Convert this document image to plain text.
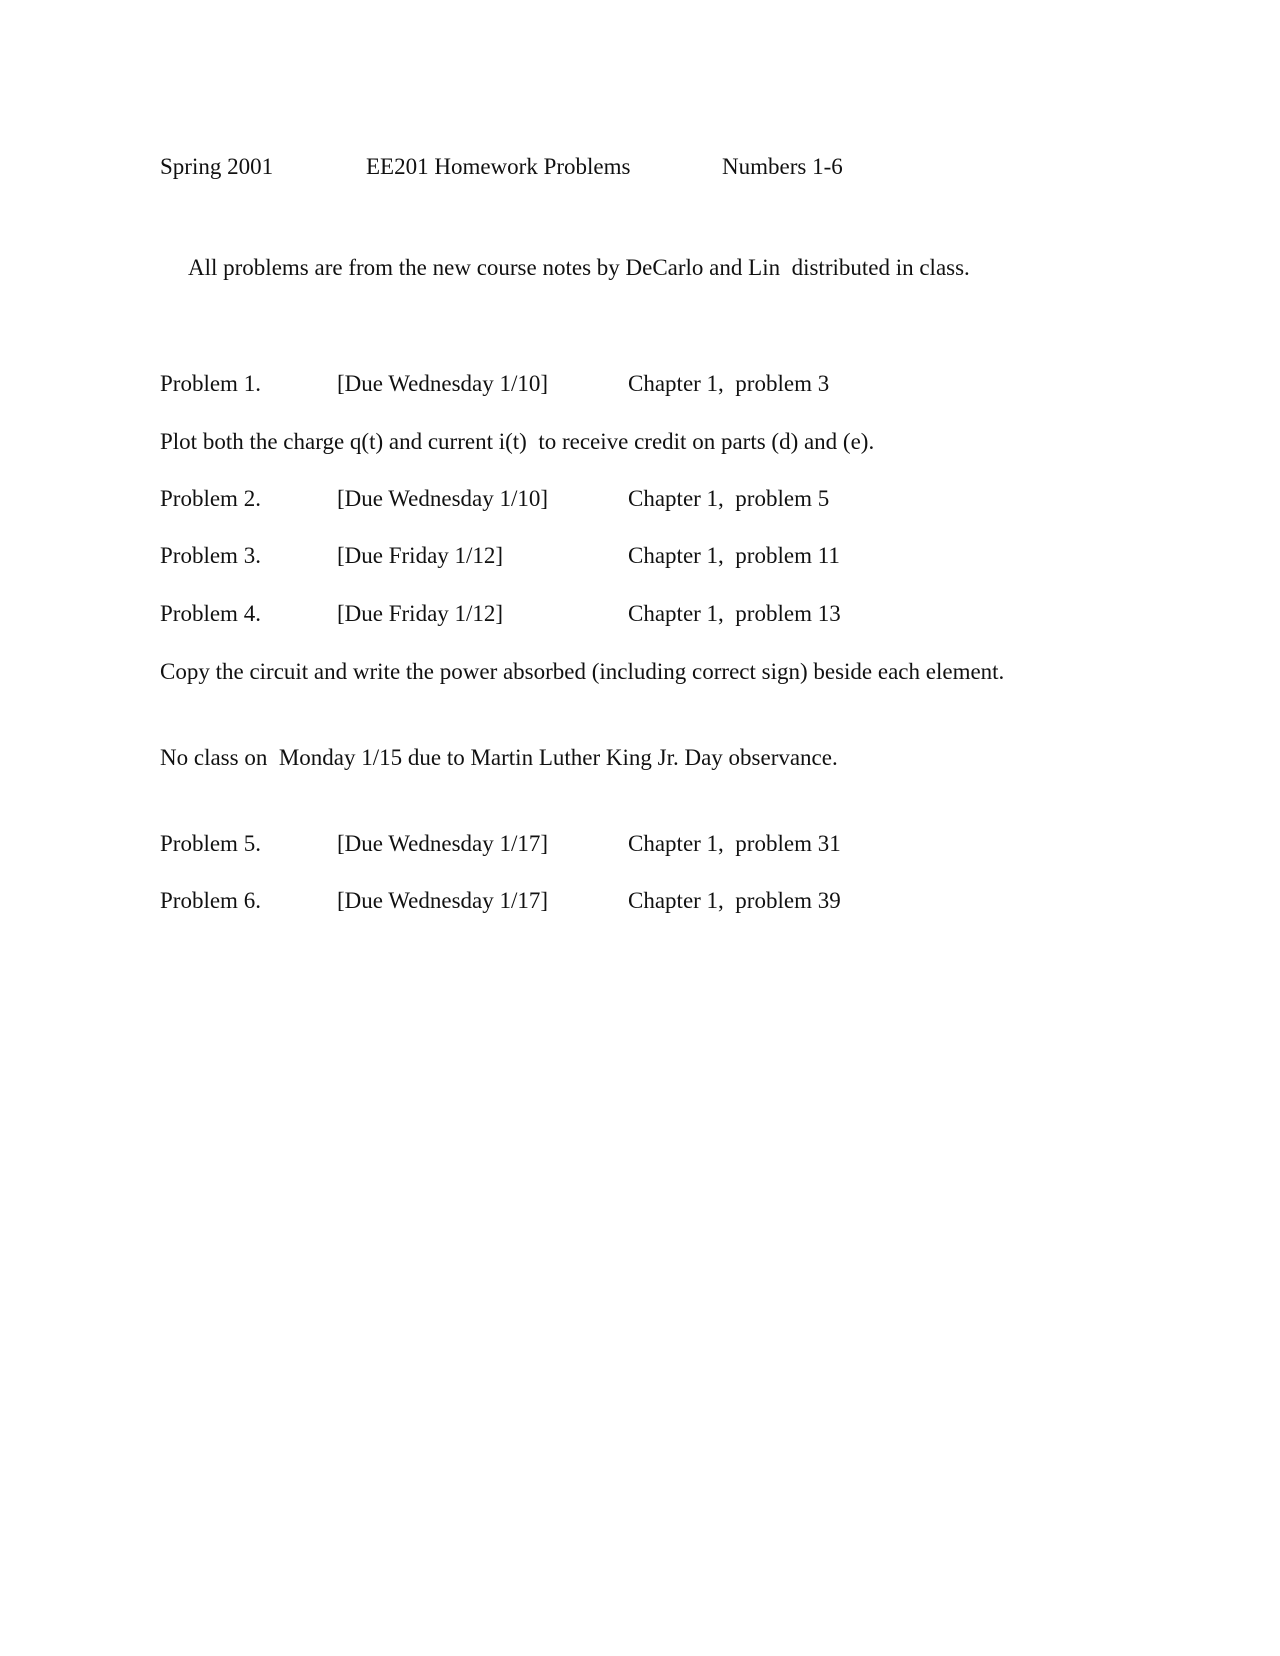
Spring 2001	EE201 Homework Problems	Numbers 1-6
All problems are from the new course notes by DeCarlo and Lin  distributed in class.
Problem 1.	[Due Wednesday 1/10]	Chapter 1,  problem 3
Plot both the charge q(t) and current i(t)  to receive credit on parts (d) and (e).
Problem 2.	[Due Wednesday 1/10]	Chapter 1,  problem 5
Problem 3.	[Due Friday 1/12]	Chapter 1,  problem 11
Problem 4.	[Due Friday 1/12]	Chapter 1,  problem 13
Copy the circuit and write the power absorbed (including correct sign) beside each element.
No class on  Monday 1/15 due to Martin Luther King Jr. Day observance.
Problem 5.	[Due Wednesday 1/17]	Chapter 1,  problem 31
Problem 6.	[Due Wednesday 1/17]	Chapter 1,  problem 39
